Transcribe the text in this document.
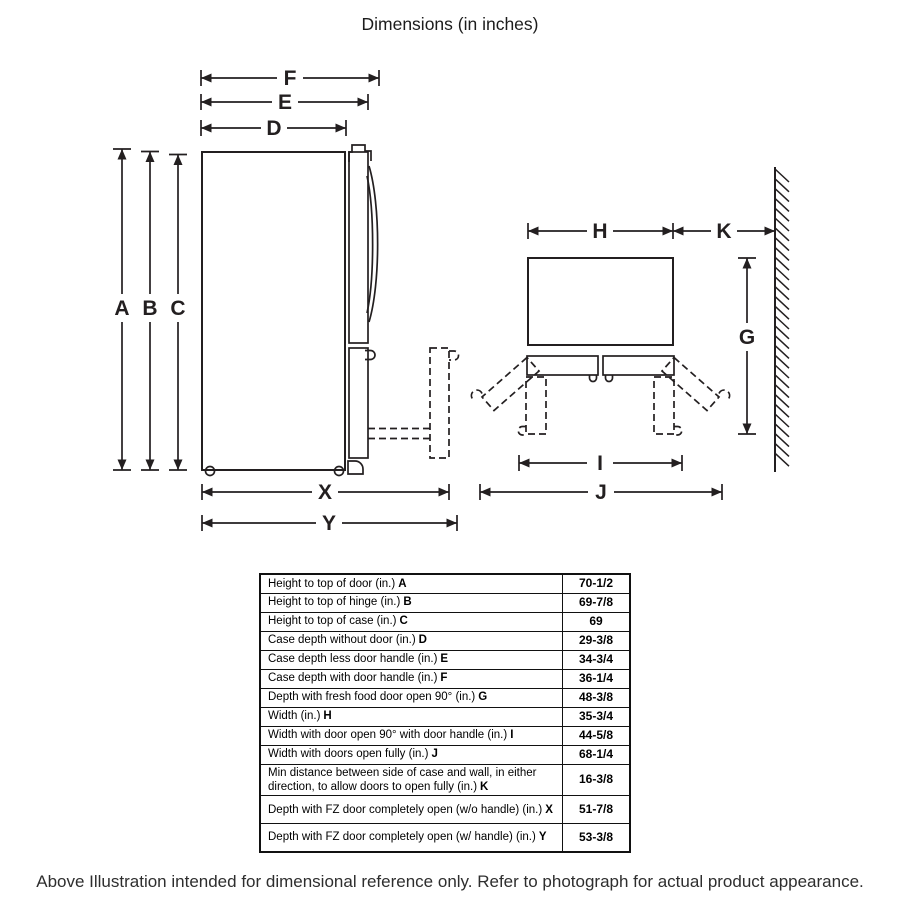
Dimensions (in inches)
F
E
D
A B C
X
Y
H	K
G
I
J
Height to top of door (in.) A	70-1/2
Height to top of hinge (in.) B	69-7/8
Height to top of case (in.) C	69
Case depth without door (in.) D	29-3/8
Case depth less door handle (in.) E	34-3/4
Case depth with door handle (in.) F	36-1/4
Depth with fresh food door open 90° (in.) G	48-3/8
Width (in.) H	35-3/4
Width with door open 90° with door handle (in.) I	44-5/8
Width with doors open fully (in.) J	68-1/4
Min distance between side of case and wall, in either direction, to allow doors to open fully (in.) K	16-3/8
Depth with FZ door completely open (w/o handle) (in.) X	51-7/8
Depth with FZ door completely open (w/ handle) (in.) Y	53-3/8
Above Illustration intended for dimensional reference only. Refer to photograph for actual product appearance.
